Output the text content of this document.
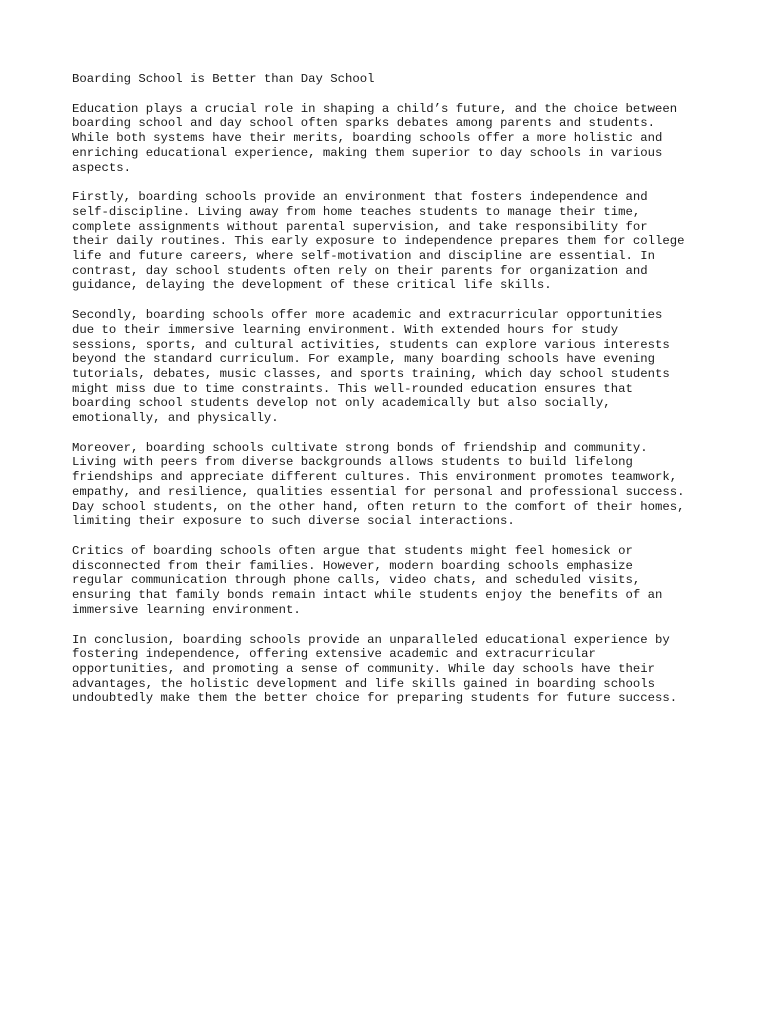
Boarding School is Better than Day School

Education plays a crucial role in shaping a child’s future, and the choice between
boarding school and day school often sparks debates among parents and students.
While both systems have their merits, boarding schools offer a more holistic and
enriching educational experience, making them superior to day schools in various
aspects.

Firstly, boarding schools provide an environment that fosters independence and
self-discipline. Living away from home teaches students to manage their time,
complete assignments without parental supervision, and take responsibility for
their daily routines. This early exposure to independence prepares them for college
life and future careers, where self-motivation and discipline are essential. In
contrast, day school students often rely on their parents for organization and
guidance, delaying the development of these critical life skills.

Secondly, boarding schools offer more academic and extracurricular opportunities
due to their immersive learning environment. With extended hours for study
sessions, sports, and cultural activities, students can explore various interests
beyond the standard curriculum. For example, many boarding schools have evening
tutorials, debates, music classes, and sports training, which day school students
might miss due to time constraints. This well-rounded education ensures that
boarding school students develop not only academically but also socially,
emotionally, and physically.

Moreover, boarding schools cultivate strong bonds of friendship and community.
Living with peers from diverse backgrounds allows students to build lifelong
friendships and appreciate different cultures. This environment promotes teamwork,
empathy, and resilience, qualities essential for personal and professional success.
Day school students, on the other hand, often return to the comfort of their homes,
limiting their exposure to such diverse social interactions.

Critics of boarding schools often argue that students might feel homesick or
disconnected from their families. However, modern boarding schools emphasize
regular communication through phone calls, video chats, and scheduled visits,
ensuring that family bonds remain intact while students enjoy the benefits of an
immersive learning environment.

In conclusion, boarding schools provide an unparalleled educational experience by
fostering independence, offering extensive academic and extracurricular
opportunities, and promoting a sense of community. While day schools have their
advantages, the holistic development and life skills gained in boarding schools
undoubtedly make them the better choice for preparing students for future success.
